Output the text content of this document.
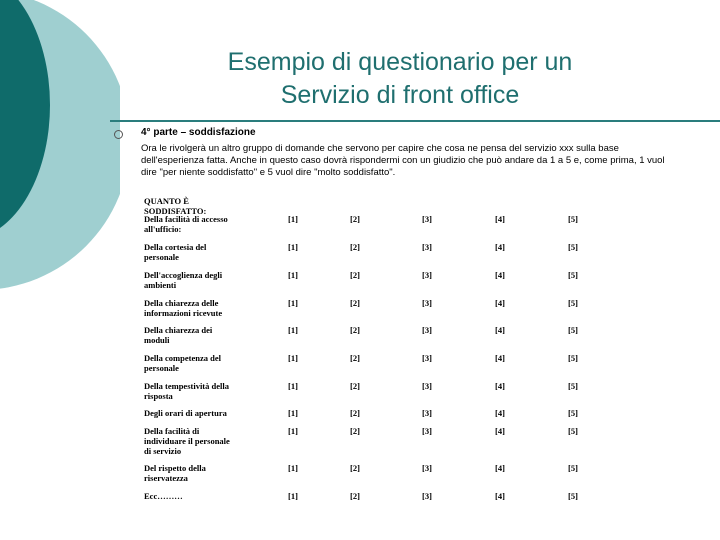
Esempio di questionario per un
Servizio di front office
4° parte – soddisfazione
Ora le rivolgerà un altro gruppo di domande che servono per capire che cosa ne pensa del servizio xxx sulla base dell'esperienza fatta. Anche in questo caso dovrà rispondermi con un giudizio che può andare da 1 a 5 e, come prima, 1 vuol dire "per niente soddisfatto" e 5 vuol dire "molto soddisfatto".
QUANTO È
SODDISFATTO:
Della facilità di accesso
all'ufficio:
[1]	[2]	[3]	[4]	[5]
Della cortesia del
personale
[1]	[2]	[3]	[4]	[5]
Dell'accoglienza degli
ambienti
[1]	[2]	[3]	[4]	[5]
Della chiarezza delle
informazioni ricevute
[1]	[2]	[3]	[4]	[5]
Della chiarezza dei
moduli
[1]	[2]	[3]	[4]	[5]
Della competenza del
personale
[1]	[2]	[3]	[4]	[5]
Della tempestività della
risposta
[1]	[2]	[3]	[4]	[5]
Degli orari di apertura	[1]	[2]	[3]	[4]	[5]
Della facilità di
individuare il personale
di servizio
[1]	[2]	[3]	[4]	[5]
Del rispetto della
riservatezza
[1]	[2]	[3]	[4]	[5]
Ecc………	[1]	[2]	[3]	[4]	[5]
